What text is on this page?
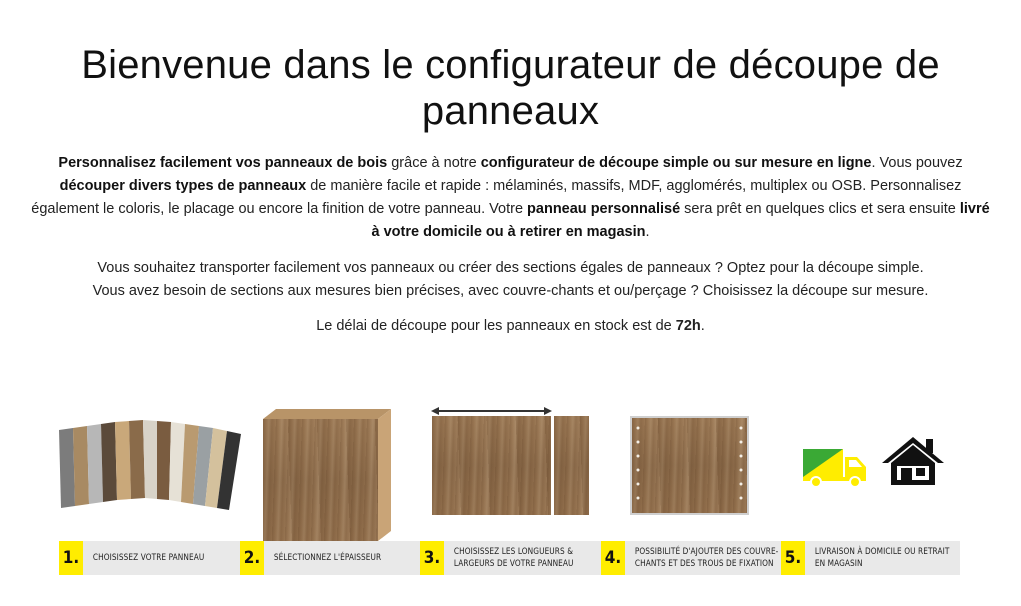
Bienvenue dans le configurateur de découpe de
panneaux

Personnalisez facilement vos panneaux de bois grâce à notre configurateur de découpe simple ou sur mesure en ligne. Vous pouvez découper divers types de panneaux de manière facile et rapide : mélaminés, massifs, MDF, agglomérés, multiplex ou OSB. Personnalisez également le coloris, le placage ou encore la finition de votre panneau. Votre panneau personnalisé sera prêt en quelques clics et sera ensuite livré à votre domicile ou à retirer en magasin.

Vous souhaitez transporter facilement vos panneaux ou créer des sections égales de panneaux ? Optez pour la découpe simple.
Vous avez besoin de sections aux mesures bien précises, avec couvre-chants et ou/perçage ? Choisissez la découpe sur mesure.
Le délai de découpe pour les panneaux en stock est de 72h.
1.	CHOISISSEZ VOTRE PANNEAU 2.	SÉLECTIONNEZ L'ÉPAISSEUR	3.	CHOISISSEZ LES LONGUEURS &
LARGEURS DE VOTRE PANNEAU 4.	POSSIBILITÉ D'AJOUTER DES COUVRE-
CHANTS ET DES TROUS DE FIXATION 5.	LIVRAISON À DOMICILE OU RETRAIT
EN MAGASIN
